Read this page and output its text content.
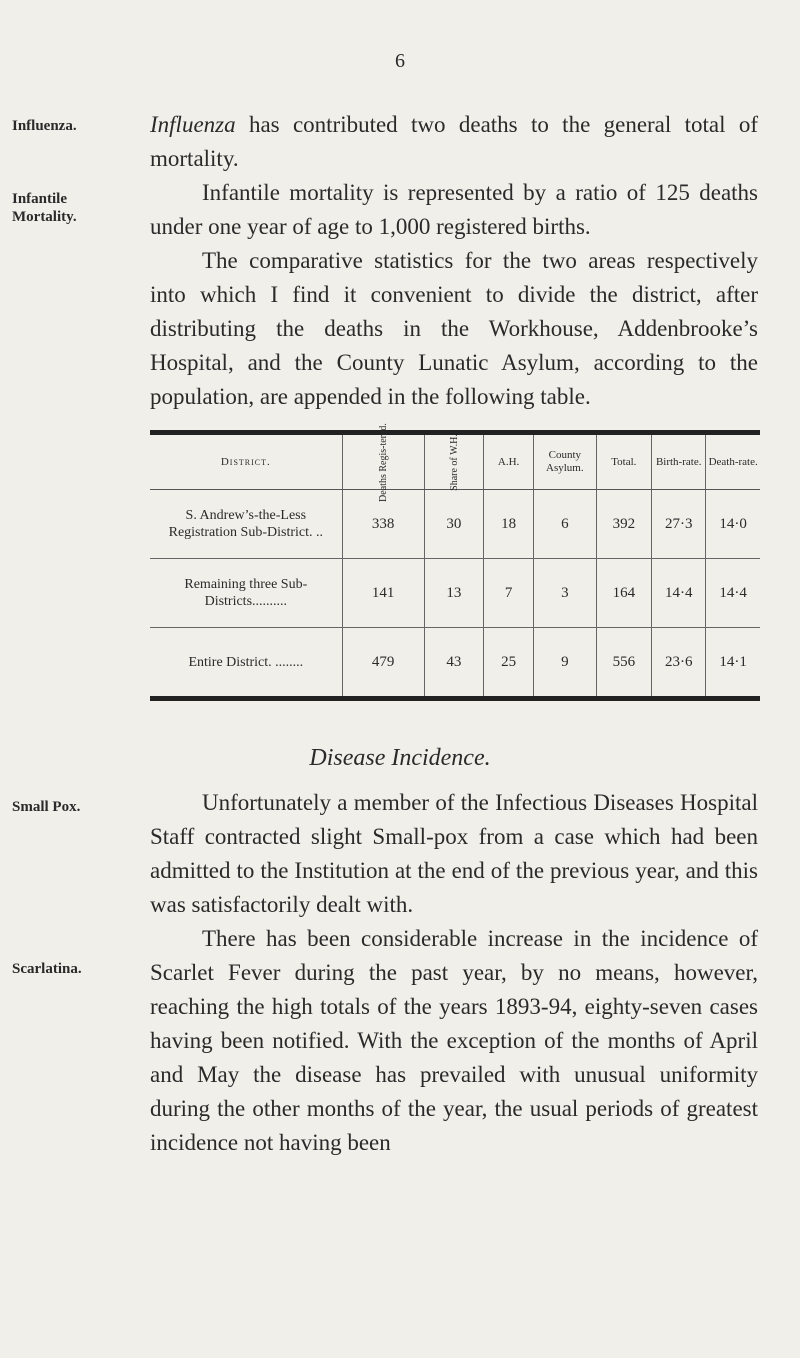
6
Influenza.
Infantile Mortality.

Influenza has contributed two deaths to the general total of mortality.

Infantile mortality is represented by a ratio of 125 deaths under one year of age to 1,000 registered births.

The comparative statistics for the two areas respectively into which I find it convenient to divide the district, after distributing the deaths in the Workhouse, Addenbrooke’s Hospital, and the County Lunatic Asylum, according to the population, are appended in the following table.

District.	Deaths Regis-tered.	Share of W.H.	A.H.	County Asylum.	Total.	Birth-rate.	Death-rate.
S. Andrew’s-the-Less Registration Sub-District. ..	338	30	18	6	392	27·3	14·0
Remaining three Sub-Districts..........	141	13	7	3	164	14·4	14·4
Entire District. ........	479	43	25	9	556	23·6	14·1
Disease Incidence.
Small Pox.
Scarlatina.

Unfortunately a member of the Infectious Diseases Hospital Staff contracted slight Small-pox from a case which had been admitted to the Institution at the end of the previous year, and this was satisfactorily dealt with.

There has been considerable increase in the incidence of Scarlet Fever during the past year, by no means, however, reaching the high totals of the years 1893-94, eighty-seven cases having been notified. With the exception of the months of April and May the disease has prevailed with unusual uniformity during the other months of the year, the usual periods of greatest incidence not having been
